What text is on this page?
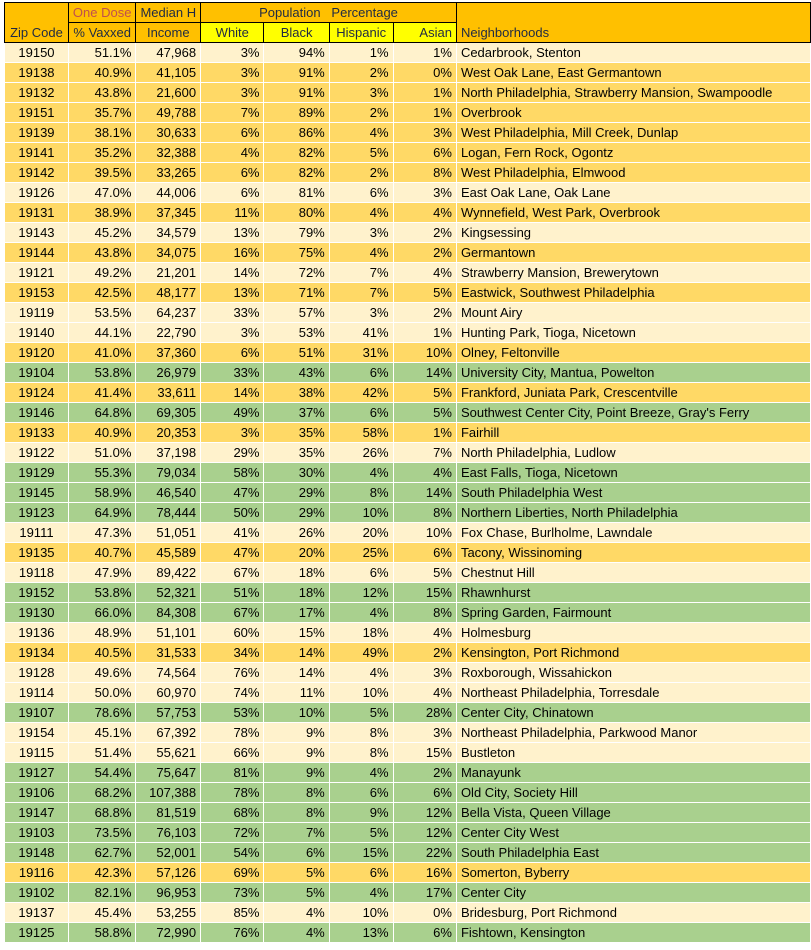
Zip Code	One Dose	Median H	Population Percentage				Neighborhoods
	% Vaxxed	Income	White	Black	Hispanic	Asian	
19150	51.1%	47,968	3%	94%	1%	1%	Cedarbrook, Stenton
19138	40.9%	41,105	3%	91%	2%	0%	West Oak Lane, East Germantown
19132	43.8%	21,600	3%	91%	3%	1%	North Philadelphia, Strawberry Mansion, Swampoodle
19151	35.7%	49,788	7%	89%	2%	1%	Overbrook
19139	38.1%	30,633	6%	86%	4%	3%	West Philadelphia, Mill Creek, Dunlap
19141	35.2%	32,388	4%	82%	5%	6%	Logan, Fern Rock, Ogontz
19142	39.5%	33,265	6%	82%	2%	8%	West Philadelphia, Elmwood
19126	47.0%	44,006	6%	81%	6%	3%	East Oak Lane, Oak Lane
19131	38.9%	37,345	11%	80%	4%	4%	Wynnefield, West Park, Overbrook
19143	45.2%	34,579	13%	79%	3%	2%	Kingsessing
19144	43.8%	34,075	16%	75%	4%	2%	Germantown
19121	49.2%	21,201	14%	72%	7%	4%	Strawberry Mansion, Brewerytown
19153	42.5%	48,177	13%	71%	7%	5%	Eastwick, Southwest Philadelphia
19119	53.5%	64,237	33%	57%	3%	2%	Mount Airy
19140	44.1%	22,790	3%	53%	41%	1%	Hunting Park, Tioga, Nicetown
19120	41.0%	37,360	6%	51%	31%	10%	Olney, Feltonville
19104	53.8%	26,979	33%	43%	6%	14%	University City, Mantua, Powelton
19124	41.4%	33,611	14%	38%	42%	5%	Frankford, Juniata Park, Crescentville
19146	64.8%	69,305	49%	37%	6%	5%	Southwest Center City, Point Breeze, Gray's Ferry
19133	40.9%	20,353	3%	35%	58%	1%	Fairhill
19122	51.0%	37,198	29%	35%	26%	7%	North Philadelphia, Ludlow
19129	55.3%	79,034	58%	30%	4%	4%	East Falls, Tioga, Nicetown
19145	58.9%	46,540	47%	29%	8%	14%	South Philadelphia West
19123	64.9%	78,444	50%	29%	10%	8%	Northern Liberties, North Philadelphia
19111	47.3%	51,051	41%	26%	20%	10%	Fox Chase, Burlholme, Lawndale
19135	40.7%	45,589	47%	20%	25%	6%	Tacony, Wissinoming
19118	47.9%	89,422	67%	18%	6%	5%	Chestnut Hill
19152	53.8%	52,321	51%	18%	12%	15%	Rhawnhurst
19130	66.0%	84,308	67%	17%	4%	8%	Spring Garden, Fairmount
19136	48.9%	51,101	60%	15%	18%	4%	Holmesburg
19134	40.5%	31,533	34%	14%	49%	2%	Kensington, Port Richmond
19128	49.6%	74,564	76%	14%	4%	3%	Roxborough, Wissahickon
19114	50.0%	60,970	74%	11%	10%	4%	Northeast Philadelphia, Torresdale
19107	78.6%	57,753	53%	10%	5%	28%	Center City, Chinatown
19154	45.1%	67,392	78%	9%	8%	3%	Northeast Philadelphia, Parkwood Manor
19115	51.4%	55,621	66%	9%	8%	15%	Bustleton
19127	54.4%	75,647	81%	9%	4%	2%	Manayunk
19106	68.2%	107,388	78%	8%	6%	6%	Old City, Society Hill
19147	68.8%	81,519	68%	8%	9%	12%	Bella Vista, Queen Village
19103	73.5%	76,103	72%	7%	5%	12%	Center City West
19148	62.7%	52,001	54%	6%	15%	22%	South Philadelphia East
19116	42.3%	57,126	69%	5%	6%	16%	Somerton, Byberry
19102	82.1%	96,953	73%	5%	4%	17%	Center City
19137	45.4%	53,255	85%	4%	10%	0%	Bridesburg, Port Richmond
19125	58.8%	72,990	76%	4%	13%	6%	Fishtown, Kensington
